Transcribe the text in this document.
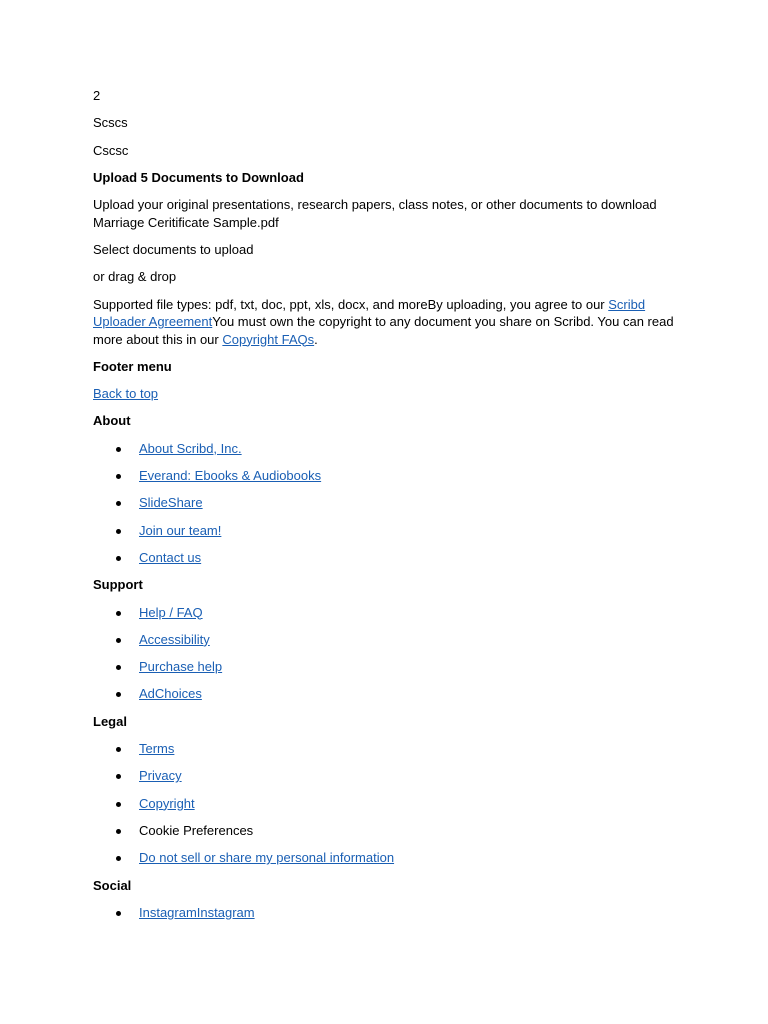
2

Scscs

Cscsc

Upload 5 Documents to Download

Upload your original presentations, research papers, class notes, or other documents to download
Marriage Ceritificate Sample.pdf

Select documents to upload

or drag & drop

Supported file types: pdf, txt, doc, ppt, xls, docx, and moreBy uploading, you agree to our Scribd Uploader AgreementYou must own the copyright to any document you share on Scribd. You can read more about this in our Copyright FAQs.

Footer menu

Back to top

About

About Scribd, Inc.
Everand: Ebooks & Audiobooks
SlideShare
Join our team!
Contact us

Support

Help / FAQ
Accessibility
Purchase help
AdChoices

Legal

Terms
Privacy
Copyright
Cookie Preferences
Do not sell or share my personal information

Social

InstagramInstagram
